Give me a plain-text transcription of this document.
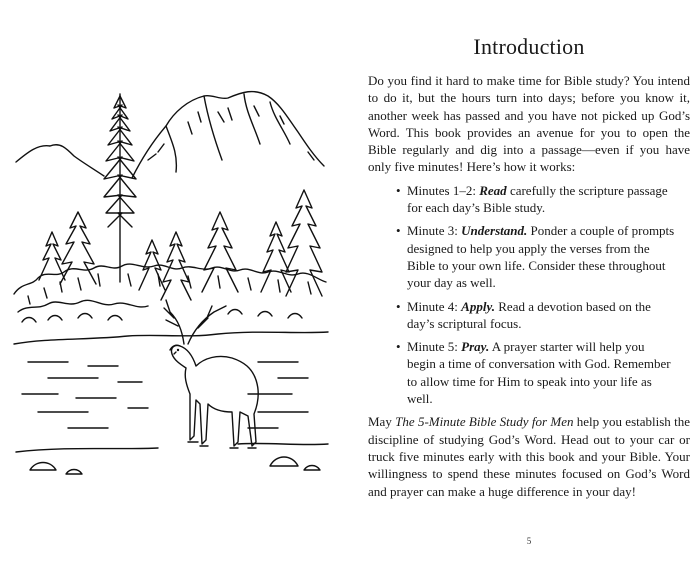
Introduction

Do you find it hard to make time for Bible study? You intend to do it, but the hours turn into days; before you know it, another week has passed and you have not picked up God’s Word. This book provides an avenue for you to open the Bible regularly and dig into a passage—even if you have only five minutes! Here’s how it works:

• Minutes 1–2: Read carefully the scripture passage for each day’s Bible study.
• Minute 3: Understand. Ponder a couple of prompts designed to help you apply the verses from the Bible to your own life. Consider these throughout your day as well.
• Minute 4: Apply. Read a devotion based on the day’s scriptural focus.
• Minute 5: Pray. A prayer starter will help you begin a time of conversation with God. Remember to allow time for Him to speak into your life as well.

May The 5-Minute Bible Study for Men help you establish the discipline of studying God’s Word. Head out to your car or truck five minutes early with this book and your Bible. Your willingness to spend these minutes focused on God’s Word and prayer can make a huge difference in your day!

5
